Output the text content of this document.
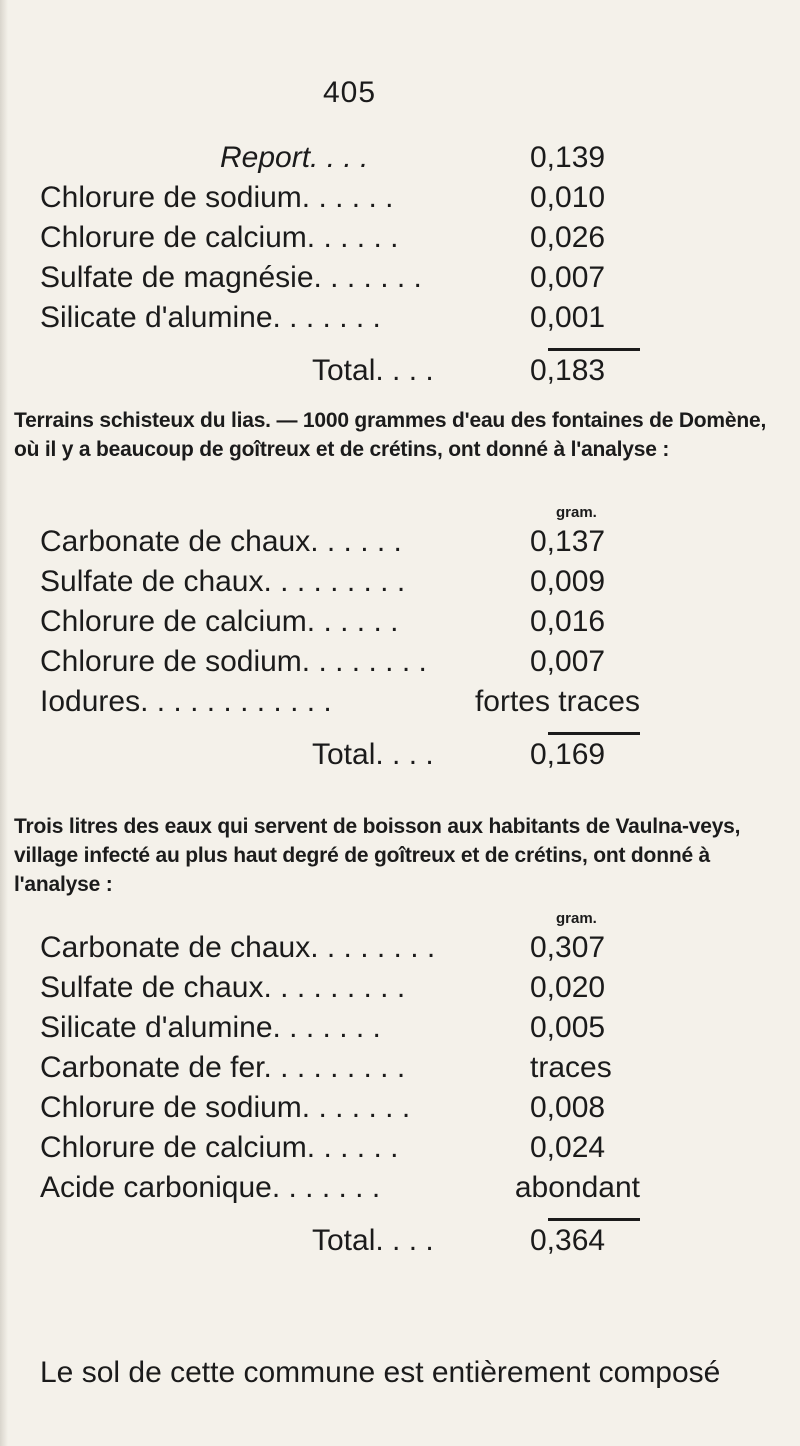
405
Report. . . .	0,139
Chlorure de sodium. . . . . .	0,010
Chlorure de calcium. . . . . .	0,026
Sulfate de magnésie. . . . . . .	0,007
Silicate d'alumine. . . . . . .	0,001
Total. . . .	0,183

Terrains schisteux du lias. — 1000 grammes d'eau des fontaines de Domène, où il y a beaucoup de goîtreux et de crétins, ont donné à l'analyse :

gram.
Carbonate de chaux. . . . . .	0,137
Sulfate de chaux. . . . . . . . .	0,009
Chlorure de calcium. . . . . .	0,016
Chlorure de sodium. . . . . . . .	0,007
Iodures. . . . . . . . . . . .	fortes traces
Total. . . .	0,169

Trois litres des eaux qui servent de boisson aux habitants de Vaulna-veys, village infecté au plus haut degré de goîtreux et de crétins, ont donné à l'analyse :

gram.
Carbonate de chaux. . . . . . . .	0,307
Sulfate de chaux. . . . . . . . .	0,020
Silicate d'alumine. . . . . . .	0,005
Carbonate de fer. . . . . . . . .	traces
Chlorure de sodium. . . . . . .	0,008
Chlorure de calcium. . . . . .	0,024
Acide carbonique. . . . . . .	abondant
Total. . . .	0,364
Le sol de cette commune est entièrement composé
